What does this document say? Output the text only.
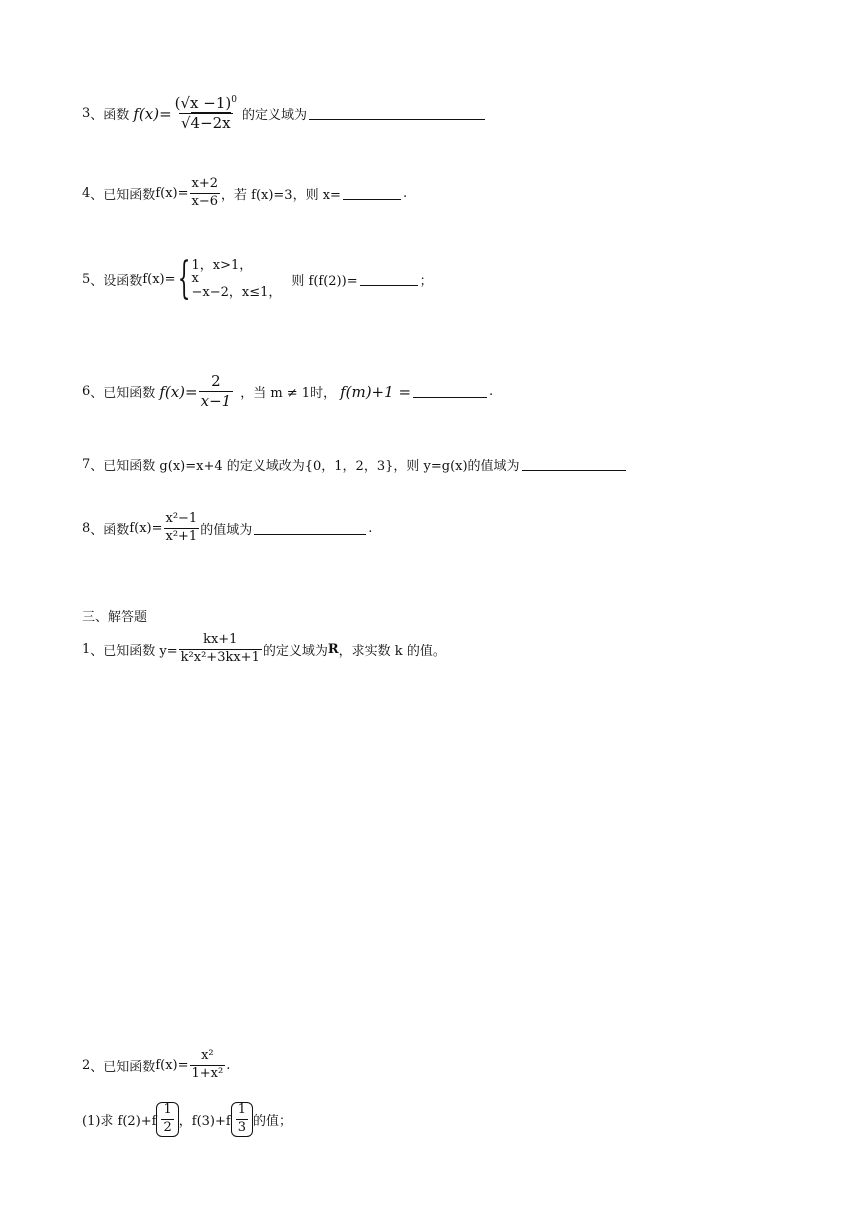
3 、 函数 $f(x)= \frac{(√x -1)^0}{√4-2x}$ 的定义域为
4 、 已知函数 $f(x)= \frac{x+2}{x-6}$ ，若 f(x)=3，则 x=	.
5 、 设函数 f(x)= { 1，x>1，
x
−x−2，x≤1，
则 f(f(2))=	；
6 、 已知函数 $f(x)= \frac{2}{x-1}$ ，当 m ≠ 1时， f(m)+1 =	.
7 、 已知函数 g(x)=x+4 的定义域改为{0，1，2，3}，则 y=g(x)的值域为
8 、 函数 $f(x)= \frac{\text{x²−1}}{\text{x²+1}}$ 的值域为	.
三、解答题
1 、 已知函数 $y= \frac{kx+1}{\text{k²x²+3kx+1}}$ 的定义域为 R ，求实数 k 的值。
2 、 已知函数 $f(x)= \frac{\text{x²}}{\text{1+x²}}$ .
(1)求 $f(2)+f \frac{1}{2}$ ，$f(3)+f \frac{1}{3}$ 的值；
